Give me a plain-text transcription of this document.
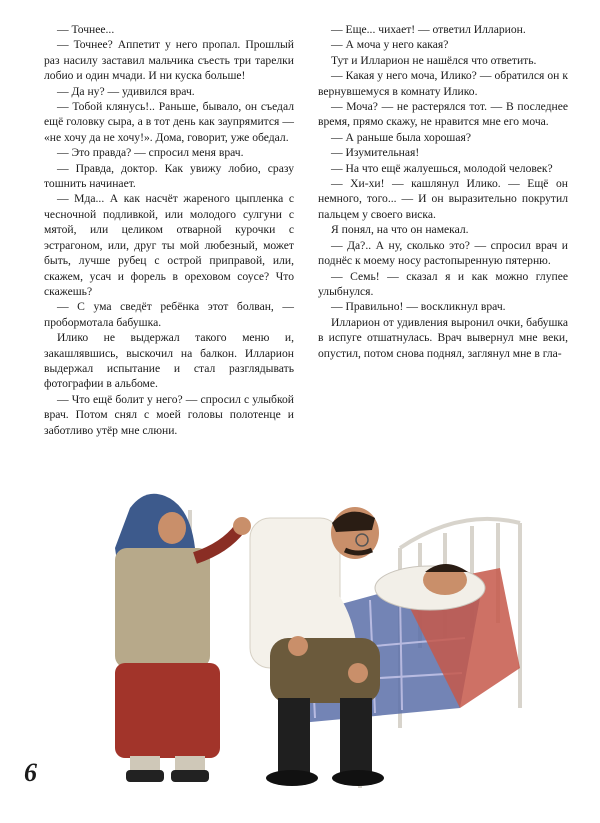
— Точнее...

— Точнее? Аппетит у него пропал. Прошлый раз насилу заставил мальчика съесть три тарелки лобио и один мчади. И ни куска больше!

— Да ну? — удивился врач.

— Тобой клянусь!.. Раньше, бывало, он съедал ещё головку сыра, а в тот день как заупрямится — «не хочу да не хочу!». Дома, говорит, уже обедал.

— Это правда? — спросил меня врач.

— Правда, доктор. Как увижу лобио, сразу тошнить начинает.

— Мда... А как насчёт жареного цыпленка с чесночной подливкой, или молодого сулгуни с мятой, или целиком отварной курочки с эстрагоном, или, друг ты мой любезный, может быть, лучше рубец с острой приправой, или, скажем, усач и форель в ореховом соусе? Что скажешь?

— С ума сведёт ребёнка этот болван, — пробормотала бабушка.

Илико не выдержал такого меню и, закашлявшись, выскочил на балкон. Илларион выдержал испытание и стал разглядывать фотографии в альбоме.

— Что ещё болит у него? — спросил с улыбкой врач. Потом снял с моей головы полотенце и заботливо утёр мне слюни.

— Еще... чихает! — ответил Илларион.

— А моча у него какая?

Тут и Илларион не нашёлся что ответить.

— Какая у него моча, Илико? — обратился он к вернувшемуся в комнату Илико.

— Моча? — не растерялся тот. — В последнее время, прямо скажу, не нравится мне его моча.

— А раньше была хорошая?

— Изумительная!

— На что ещё жалуешься, молодой человек?

— Хи-хи! — кашлянул Илико. — Ещё он немного, того... — И он выразительно покрутил пальцем у своего виска.

Я понял, на что он намекал.

— Да?.. А ну, сколько это? — спросил врач и поднёс к моему носу растопыренную пятерню.

— Семь! — сказал я и как можно глупее улыбнулся.

— Правильно! — воскликнул врач.

Илларион от удивления выронил очки, бабушка в испуге отшатнулась. Врач вывернул мне веки, опустил, потом снова поднял, заглянул мне в гла-

6
